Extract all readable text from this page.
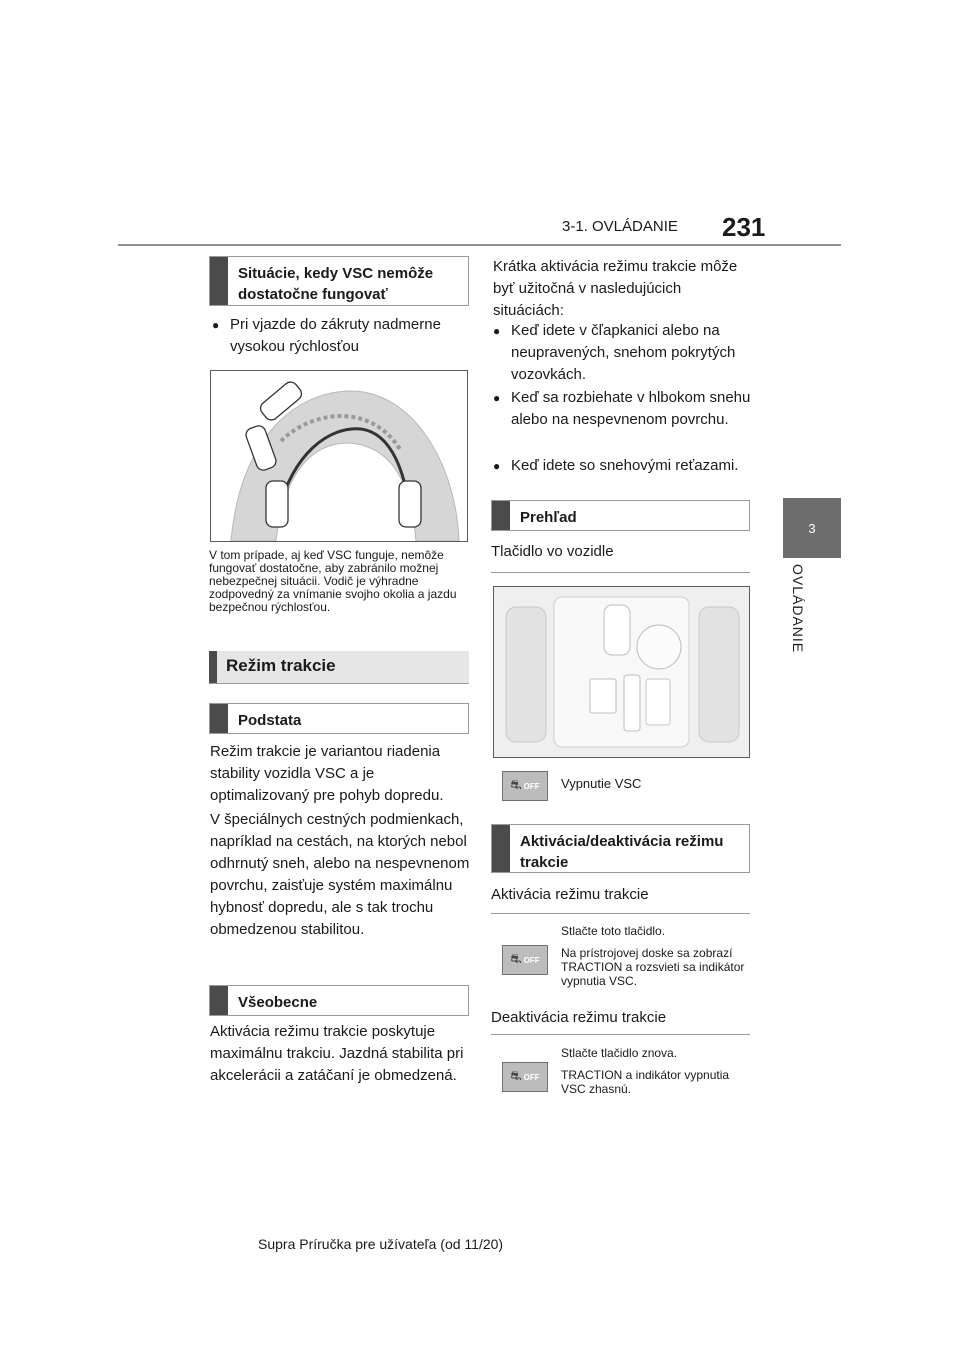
3-1. OVLÁDANIE 231
3
OVLÁDANIE
Situácie, kedy VSC nemôže dostatočne fungovať
● Pri vjazde do zákruty nadmerne vysokou rýchlosťou
V tom prípade, aj keď VSC funguje, nemôže fungovať dostatočne, aby zabránilo možnej nebezpečnej situácii. Vodič je výhradne zodpovedný za vnímanie svojho okolia a jazdu bezpečnou rýchlosťou.
Režim trakcie
Podstata
Režim trakcie je variantou riadenia stability vozidla VSC a je optimalizovaný pre pohyb dopredu.
V špeciálnych cestných podmienkach, napríklad na cestách, na ktorých nebol odhrnutý sneh, alebo na nespevnenom povrchu, zaisťuje systém maximálnu hybnosť dopredu, ale s tak trochu obmedzenou stabilitou.
Všeobecne
Aktivácia režimu trakcie poskytuje maximálnu trakciu. Jazdná stabilita pri akcelerácii a zatáčaní je obmedzená.
Krátka aktivácia režimu trakcie môže byť užitočná v nasledujúcich situáciách:
● Keď idete v čľapkanici alebo na neupravených, snehom pokrytých vozovkách.
● Keď sa rozbiehate v hlbokom snehu alebo na nespevnenom povrchu.
● Keď idete so snehovými reťazami.
Prehľad
Tlačidlo vo vozidle
⛐ OFF Vypnutie VSC
Aktivácia/deaktivácia režimu trakcie
Aktivácia režimu trakcie
Stlačte toto tlačidlo.
⛐ OFF Na prístrojovej doske sa zobrazí TRACTION a rozsvieti sa indikátor vypnutia VSC.
Deaktivácia režimu trakcie
Stlačte tlačidlo znova.
⛐ OFF TRACTION a indikátor vypnutia VSC zhasnú.
Supra Príručka pre užívateľa (od 11/20)
